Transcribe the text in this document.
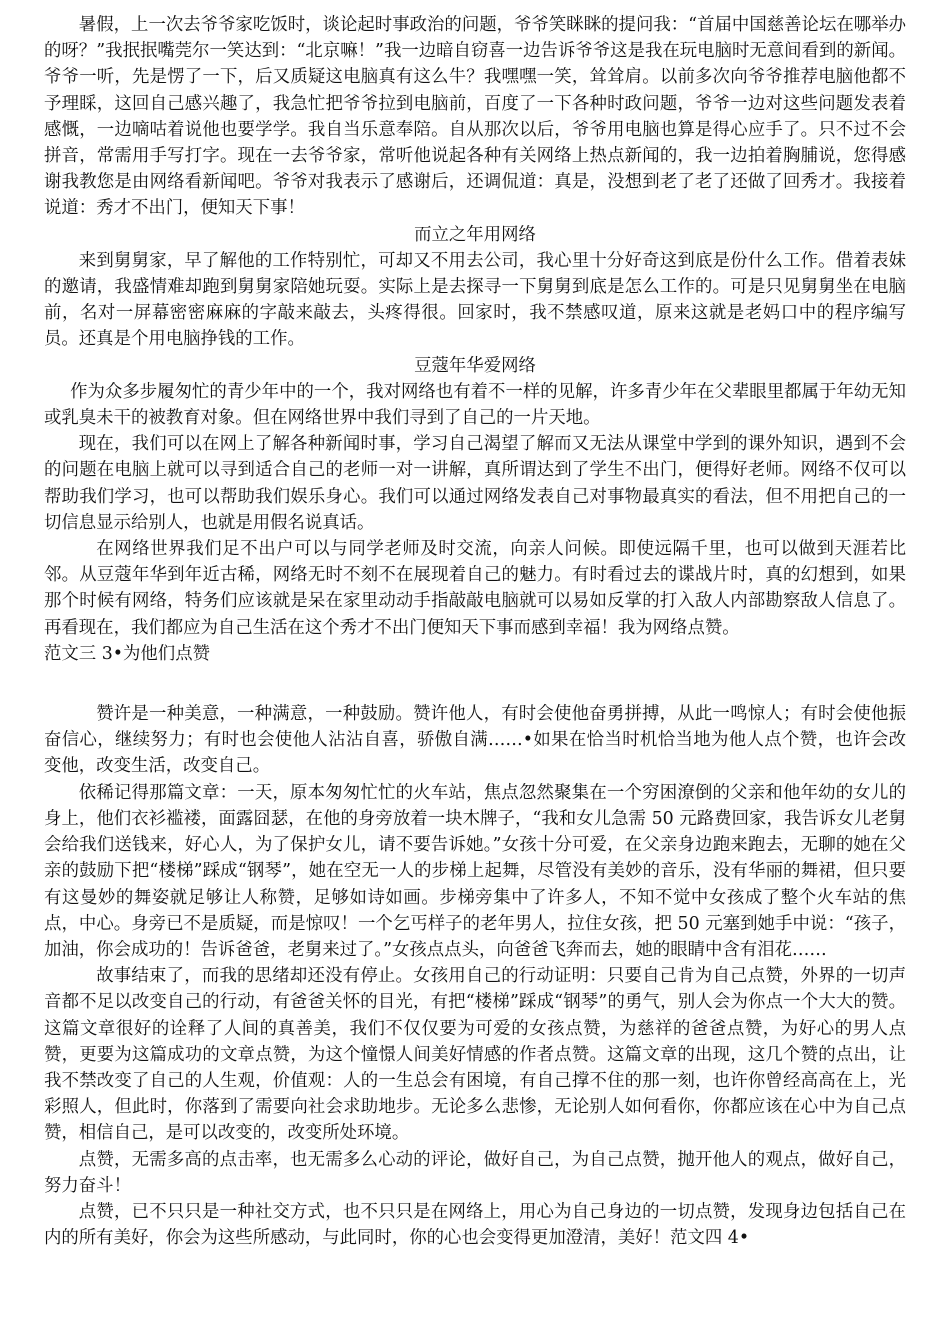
暑假，上一次去爷爷家吃饭时，谈论起时事政治的问题，爷爷笑眯眯的提问我：“首届中国慈善论坛在哪举办的呀？”我抿抿嘴莞尔一笑达到：“北京嘛！”我一边暗自窃喜一边告诉爷爷这是我在玩电脑时无意间看到的新闻。爷爷一听，先是愣了一下，后又质疑这电脑真有这么牛？我嘿嘿一笑，耸耸肩。以前多次向爷爷推荐电脑他都不予理睬，这回自己感兴趣了，我急忙把爷爷拉到电脑前，百度了一下各种时政问题，爷爷一边对这些问题发表着感慨，一边嘀咕着说他也要学学。我自当乐意奉陪。自从那次以后，爷爷用电脑也算是得心应手了。只不过不会拼音，常需用手写打字。现在一去爷爷家，常听他说起各种有关网络上热点新闻的，我一边拍着胸脯说，您得感谢我教您是由网络看新闻吧。爷爷对我表示了感谢后，还调侃道：真是，没想到老了老了还做了回秀才。我接着说道：秀才不出门，便知天下事！

而立之年用网络

来到舅舅家，早了解他的工作特别忙，可却又不用去公司，我心里十分好奇这到底是份什么工作。借着表妹的邀请，我盛情难却跑到舅舅家陪她玩耍。实际上是去探寻一下舅舅到底是怎么工作的。可是只见舅舅坐在电脑前，名对一屏幕密密麻麻的字敲来敲去，头疼得很。回家时，我不禁感叹道，原来这就是老妈口中的程序编写员。还真是个用电脑挣钱的工作。

豆蔻年华爱网络

作为众多步履匆忙的青少年中的一个，我对网络也有着不一样的见解，许多青少年在父辈眼里都属于年幼无知或乳臭未干的被教育对象。但在网络世界中我们寻到了自己的一片天地。

现在，我们可以在网上了解各种新闻时事，学习自己渴望了解而又无法从课堂中学到的课外知识，遇到不会的问题在电脑上就可以寻到适合自己的老师一对一讲解，真所谓达到了学生不出门，便得好老师。网络不仅可以帮助我们学习，也可以帮助我们娱乐身心。我们可以通过网络发表自己对事物最真实的看法，但不用把自己的一切信息显示给别人，也就是用假名说真话。

在网络世界我们足不出户可以与同学老师及时交流，向亲人问候。即使远隔千里，也可以做到天涯若比邻。从豆蔻年华到年近古稀，网络无时不刻不在展现着自己的魅力。有时看过去的谍战片时，真的幻想到，如果那个时候有网络，特务们应该就是呆在家里动动手指敲敲电脑就可以易如反掌的打入敌人内部勘察敌人信息了。再看现在，我们都应为自己生活在这个秀才不出门便知天下事而感到幸福！我为网络点赞。

范文三 3•为他们点赞

赞许是一种美意，一种满意，一种鼓励。赞许他人，有时会使他奋勇拼搏，从此一鸣惊人；有时会使他振奋信心，继续努力；有时也会使他人沾沾自喜，骄傲自满……•如果在恰当时机恰当地为他人点个赞，也许会改变他，改变生活，改变自己。

依稀记得那篇文章：一天，原本匆匆忙忙的火车站，焦点忽然聚集在一个穷困潦倒的父亲和他年幼的女儿的身上，他们衣衫褴褛，面露囧瑟，在他的身旁放着一块木牌子，“我和女儿急需 50 元路费回家，我告诉女儿老舅会给我们送钱来，好心人，为了保护女儿，请不要告诉她。”女孩十分可爱，在父亲身边跑来跑去，无聊的她在父亲的鼓励下把“楼梯”踩成“钢琴”，她在空无一人的步梯上起舞，尽管没有美妙的音乐，没有华丽的舞裙，但只要有这曼妙的舞姿就足够让人称赞，足够如诗如画。步梯旁集中了许多人，不知不觉中女孩成了整个火车站的焦点，中心。身旁已不是质疑，而是惊叹！一个乞丐样子的老年男人，拉住女孩，把 50 元塞到她手中说：“孩子，加油，你会成功的！告诉爸爸，老舅来过了。”女孩点点头，向爸爸飞奔而去，她的眼睛中含有泪花……

故事结束了，而我的思绪却还没有停止。女孩用自己的行动证明：只要自己肯为自己点赞，外界的一切声音都不足以改变自己的行动，有爸爸关怀的目光，有把“楼梯”踩成“钢琴”的勇气，别人会为你点一个大大的赞。这篇文章很好的诠释了人间的真善美，我们不仅仅要为可爱的女孩点赞，为慈祥的爸爸点赞，为好心的男人点赞，更要为这篇成功的文章点赞，为这个憧憬人间美好情感的作者点赞。这篇文章的出现，这几个赞的点出，让我不禁改变了自己的人生观，价值观：人的一生总会有困境，有自己撑不住的那一刻，也许你曾经高高在上，光彩照人，但此时，你落到了需要向社会求助地步。无论多么悲惨，无论别人如何看你，你都应该在心中为自己点赞，相信自己，是可以改变的，改变所处环境。

点赞，无需多高的点击率，也无需多么心动的评论，做好自己，为自己点赞，抛开他人的观点，做好自己，努力奋斗！

点赞，已不只只是一种社交方式，也不只只是在网络上，用心为自己身边的一切点赞，发现身边包括自己在内的所有美好，你会为这些所感动，与此同时，你的心也会变得更加澄清，美好！范文四 4•
